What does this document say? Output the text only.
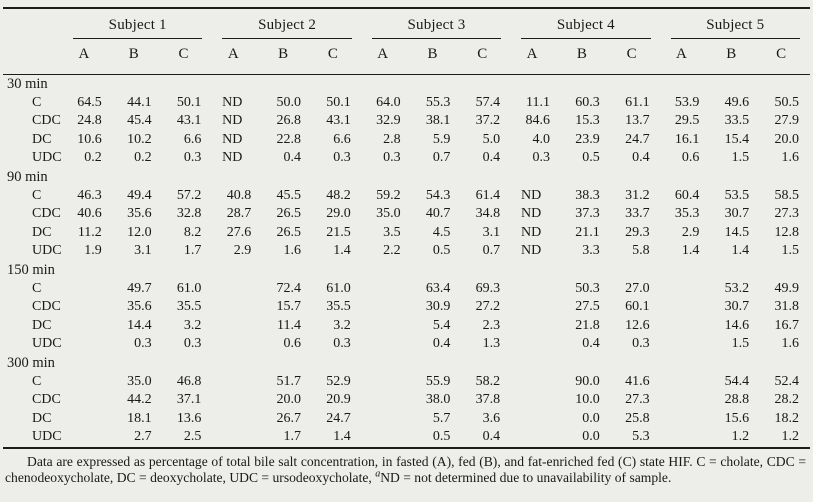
	Subject 1			Subject 2			Subject 3			Subject 4			Subject 5		

	A	B	C	A	B	C	A	B	C	A	B	C	A	B	C
30 min															
C	64.5	44.1	50.1	ND	50.0	50.1	64.0	55.3	57.4	11.1	60.3	61.1	53.9	49.6	50.5
CDC	24.8	45.4	43.1	ND	26.8	43.1	32.9	38.1	37.2	84.6	15.3	13.7	29.5	33.5	27.9
DC	10.6	10.2	6.6	ND	22.8	6.6	2.8	5.9	5.0	4.0	23.9	24.7	16.1	15.4	20.0
UDC	0.2	0.2	0.3	ND	0.4	0.3	0.3	0.7	0.4	0.3	0.5	0.4	0.6	1.5	1.6
90 min															
C	46.3	49.4	57.2	40.8	45.5	48.2	59.2	54.3	61.4	ND	38.3	31.2	60.4	53.5	58.5
CDC	40.6	35.6	32.8	28.7	26.5	29.0	35.0	40.7	34.8	ND	37.3	33.7	35.3	30.7	27.3
DC	11.2	12.0	8.2	27.6	26.5	21.5	3.5	4.5	3.1	ND	21.1	29.3	2.9	14.5	12.8
UDC	1.9	3.1	1.7	2.9	1.6	1.4	2.2	0.5	0.7	ND	3.3	5.8	1.4	1.4	1.5
150 min															
C		49.7	61.0		72.4	61.0		63.4	69.3		50.3	27.0		53.2	49.9
CDC		35.6	35.5		15.7	35.5		30.9	27.2		27.5	60.1		30.7	31.8
DC		14.4	3.2		11.4	3.2		5.4	2.3		21.8	12.6		14.6	16.7
UDC		0.3	0.3		0.6	0.3		0.4	1.3		0.4	0.3		1.5	1.6
300 min															
C		35.0	46.8		51.7	52.9		55.9	58.2		90.0	41.6		54.4	52.4
CDC		44.2	37.1		20.0	20.9		38.0	37.8		10.0	27.3		28.8	28.2
DC		18.1	13.6		26.7	24.7		5.7	3.6		0.0	25.8		15.6	18.2
UDC		2.7	2.5		1.7	1.4		0.5	0.4		0.0	5.3		1.2	1.2

Data are expressed as percentage of total bile salt concentration, in fasted (A), fed (B), and fat-enriched fed (C) state HIF. C = cholate, CDC = chenodeoxycholate, DC = deoxycholate, UDC = ursodeoxycholate, $^a$ND = not determined due to unavailability of sample.
